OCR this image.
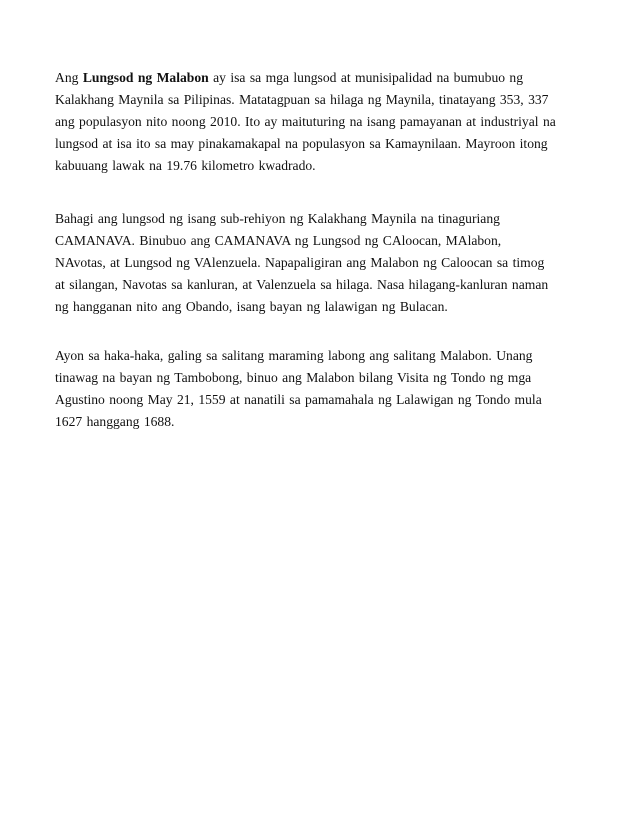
Ang Lungsod ng Malabon ay isa sa mga lungsod at munisipalidad na bumubuo ng
Kalakhang Maynila sa Pilipinas. Matatagpuan sa hilaga ng Maynila, tinatayang 353, 337
ang populasyon nito noong 2010. Ito ay maituturing na isang pamayanan at industriyal na
lungsod at isa ito sa may pinakamakapal na populasyon sa Kamaynilaan. Mayroon itong
kabuuang lawak na 19.76 kilometro kwadrado.

Bahagi ang lungsod ng isang sub-rehiyon ng Kalakhang Maynila na tinaguriang
CAMANAVA. Binubuo ang CAMANAVA ng Lungsod ng CAloocan, MAlabon,
NAvotas, at Lungsod ng VAlenzuela. Napapaligiran ang Malabon ng Caloocan sa timog
at silangan, Navotas sa kanluran, at Valenzuela sa hilaga. Nasa hilagang-kanluran naman
ng hangganan nito ang Obando, isang bayan ng lalawigan ng Bulacan.

Ayon sa haka-haka, galing sa salitang maraming labong ang salitang Malabon. Unang
tinawag na bayan ng Tambobong, binuo ang Malabon bilang Visita ng Tondo ng mga
Agustino noong May 21, 1559 at nanatili sa pamamahala ng Lalawigan ng Tondo mula
1627 hanggang 1688.
